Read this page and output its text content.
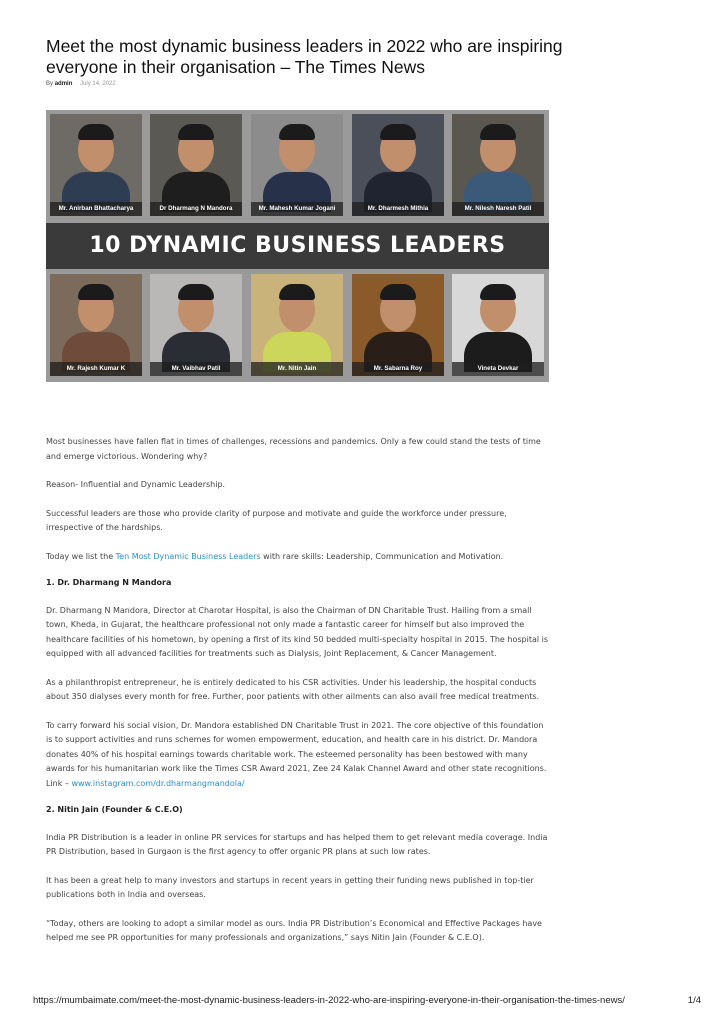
Meet the most dynamic business leaders in 2022 who are inspiring everyone in their organisation – The Times News
By admin July 14, 2022
Mr. Anirban Bhattacharya	Dr Dharmang N Mandora	Mr. Mahesh Kumar Jogani	Mr. Dharmesh Mithia	Mr. Nilesh Naresh Patil
10 DYNAMIC BUSINESS LEADERS
Mr. Rajesh Kumar K	Mr. Vaibhav Patil	Mr. Nitin Jain	Mr. Sabarna Roy	Vineta Devkar

Most businesses have fallen flat in times of challenges, recessions and pandemics. Only a few could stand the tests of time and emerge victorious. Wondering why?

Reason- Influential and Dynamic Leadership.

Successful leaders are those who provide clarity of purpose and motivate and guide the workforce under pressure, irrespective of the hardships.

Today we list the Ten Most Dynamic Business Leaders with rare skills: Leadership, Communication and Motivation.

1. Dr. Dharmang N Mandora

Dr. Dharmang N Mandora, Director at Charotar Hospital, is also the Chairman of DN Charitable Trust. Hailing from a small town, Kheda, in Gujarat, the healthcare professional not only made a fantastic career for himself but also improved the healthcare facilities of his hometown, by opening a first of its kind 50 bedded multi-specialty hospital in 2015. The hospital is equipped with all advanced facilities for treatments such as Dialysis, Joint Replacement, & Cancer Management.

As a philanthropist entrepreneur, he is entirely dedicated to his CSR activities. Under his leadership, the hospital conducts about 350 dialyses every month for free. Further, poor patients with other ailments can also avail free medical treatments.

To carry forward his social vision, Dr. Mandora established DN Charitable Trust in 2021. The core objective of this foundation is to support activities and runs schemes for women empowerment, education, and health care in his district. Dr. Mandora donates 40% of his hospital earnings towards charitable work. The esteemed personality has been bestowed with many awards for his humanitarian work like the Times CSR Award 2021, Zee 24 Kalak Channel Award and other state recognitions. Link – www.instagram.com/dr.dharmangmandola/

2. Nitin Jain (Founder & C.E.O)

India PR Distribution is a leader in online PR services for startups and has helped them to get relevant media coverage. India PR Distribution, based in Gurgaon is the first agency to offer organic PR plans at such low rates.

It has been a great help to many investors and startups in recent years in getting their funding news published in top-tier publications both in India and overseas.

“Today, others are looking to adopt a similar model as ours. India PR Distribution’s Economical and Effective Packages have helped me see PR opportunities for many professionals and organizations,” says Nitin Jain (Founder & C.E.O).

https://mumbaimate.com/meet-the-most-dynamic-business-leaders-in-2022-who-are-inspiring-everyone-in-their-organisation-the-times-news/	1/4
